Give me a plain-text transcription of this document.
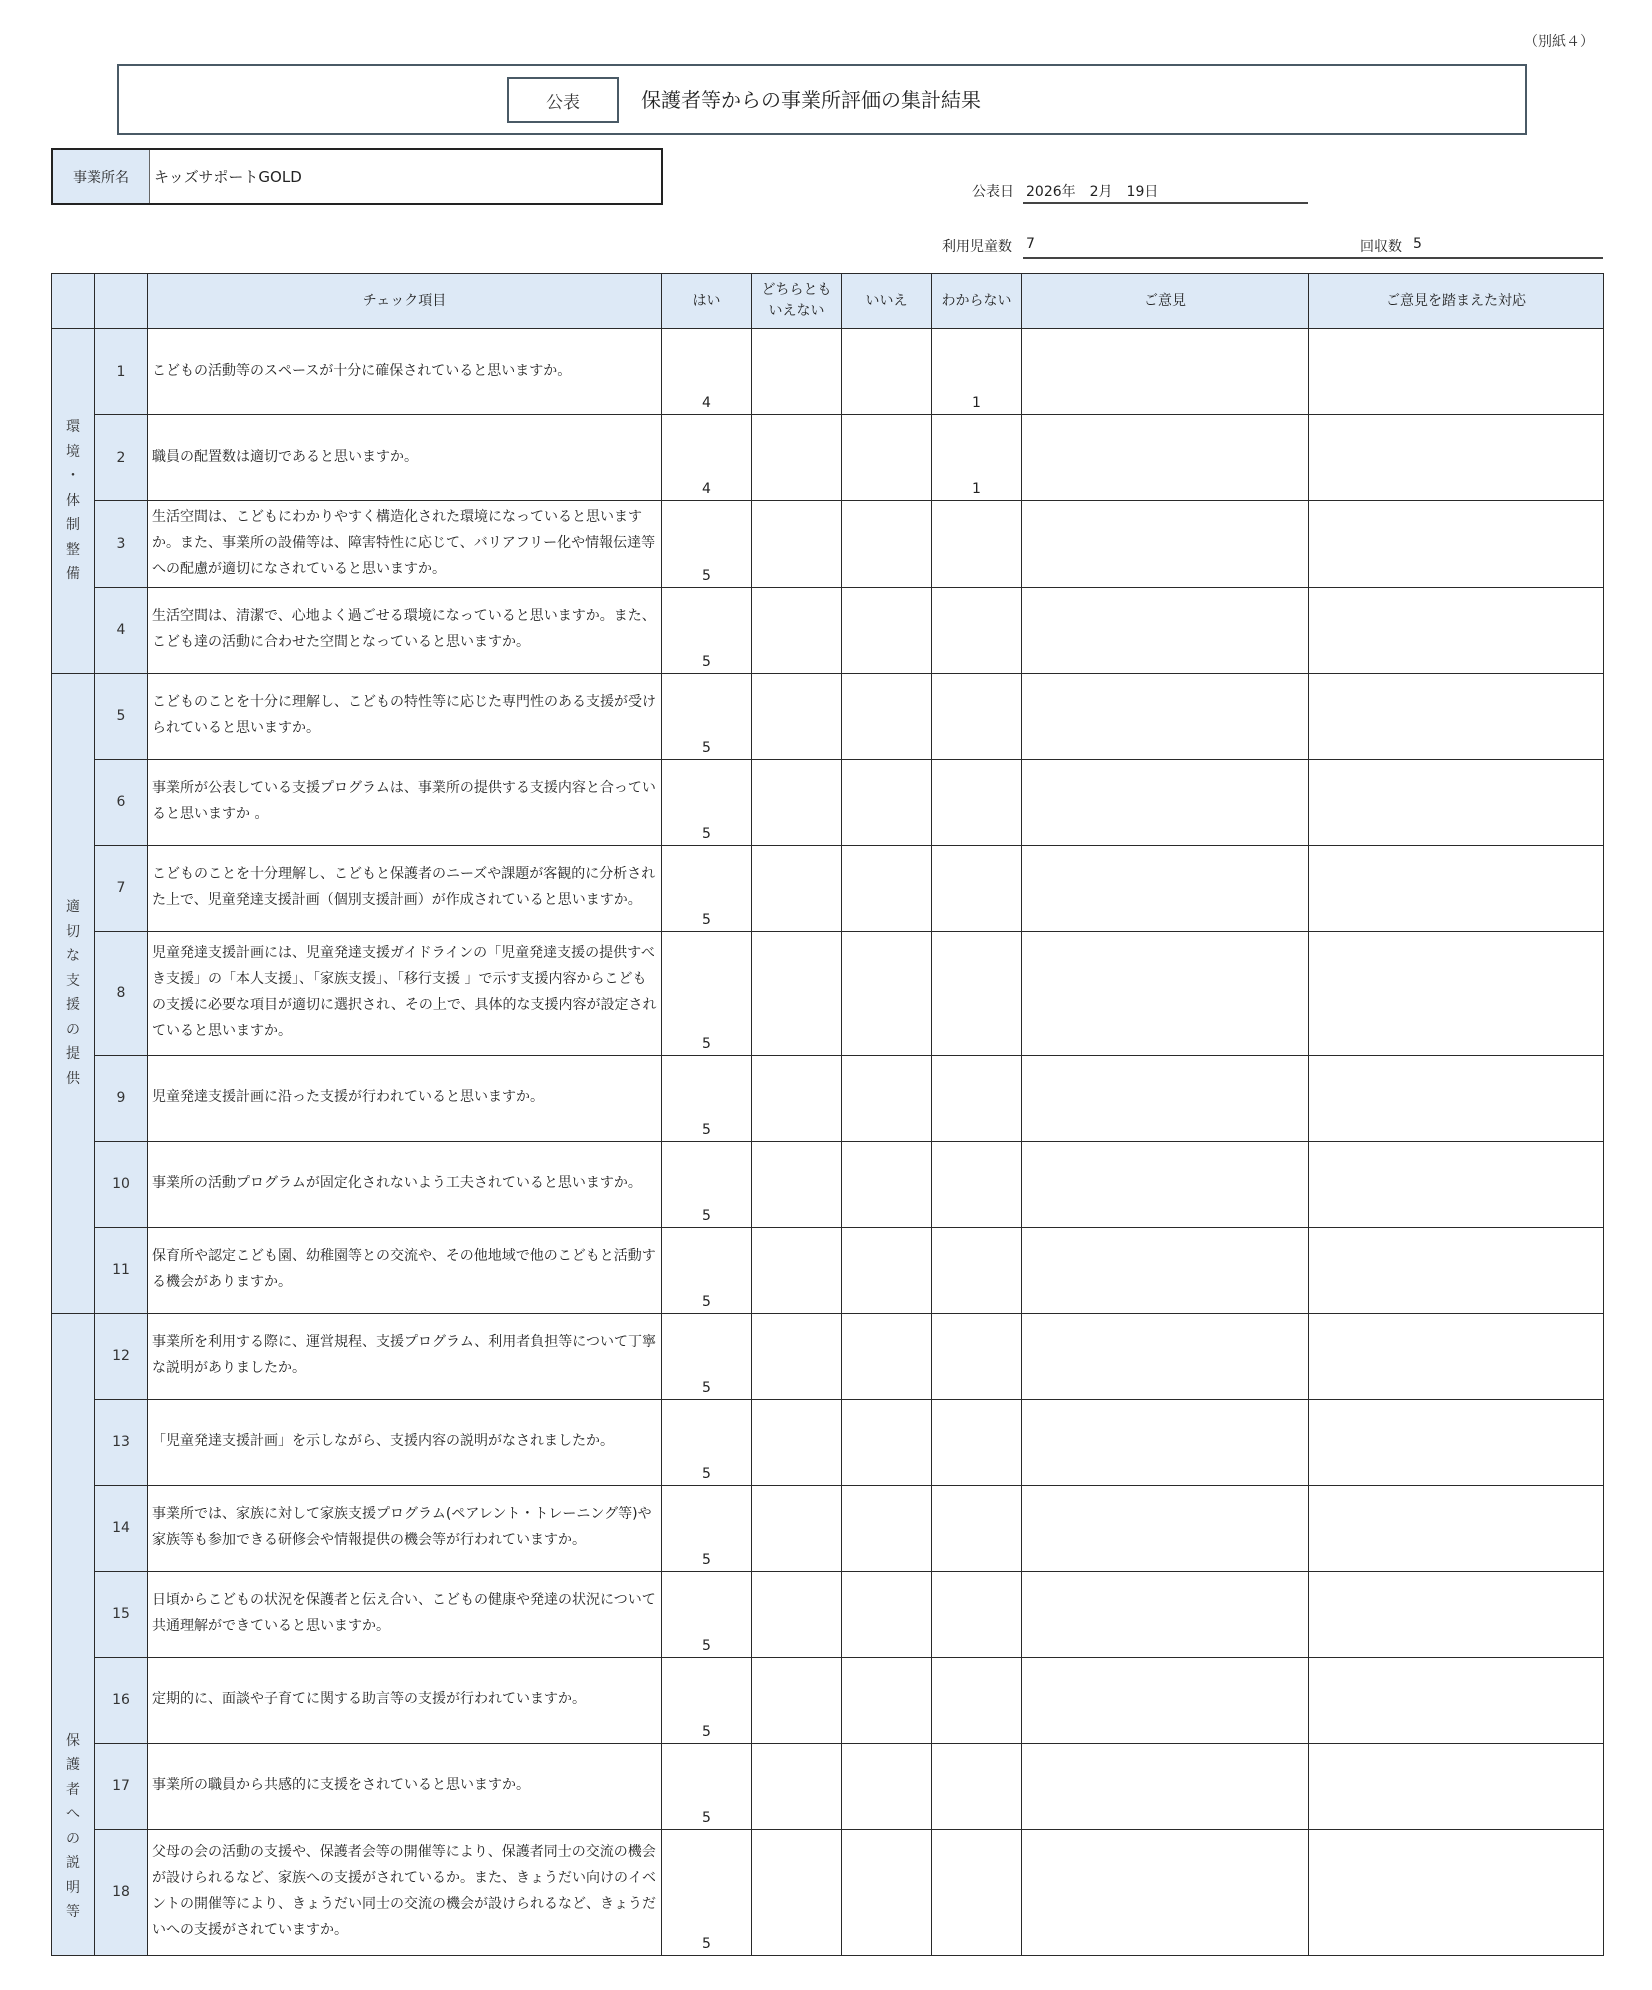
（別紙４）
公表	保護者等からの事業所評価の集計結果
事業所名	キッズサポートGOLD
公表日 2026年　2月　19日
利用児童数 7	回収数 5
		チェック項目	はい	どちらとも
いえない	いいえ	わからない	ご意見	ご意見を踏まえた対応

環
境
・
体
制
整
備
	1	こどもの活動等のスペースが十分に確保されていると思いますか。	4			1		
	2	職員の配置数は適切であると思いますか。	4			1		
	3	生活空間は、こどもにわかりやすく構造化された環境になっていると思いますか。また、事業所の設備等は、障害特性に応じて、バリアフリー化や情報伝達等への配慮が適切になされていると思いますか。	5					
	4	生活空間は、清潔で、心地よく過ごせる環境になっていると思いますか。また、こども達の活動に合わせた空間となっていると思いますか。	5					

適
切
な
支
援
の
提
供
	5	こどものことを十分に理解し、こどもの特性等に応じた専門性のある支援が受けられていると思いますか。	5					
	6	事業所が公表している支援プログラムは、事業所の提供する支援内容と合っていると思いますか 。	5					
	7	こどものことを十分理解し、こどもと保護者のニーズや課題が客観的に分析された上で、児童発達支援計画（個別支援計画）が作成されていると思いますか。	5					
	8	児童発達支援計画には、児童発達支援ガイドラインの「児童発達支援の提供すべき支援」の「本人支援」、「家族支援」、「移行支援 」で示す支援内容からこどもの支援に必要な項目が適切に選択され、その上で、具体的な支援内容が設定されていると思いますか。	5					
	9	児童発達支援計画に沿った支援が行われていると思いますか。	5					
	10	事業所の活動プログラムが固定化されないよう工夫されていると思いますか。	5					
	11	保育所や認定こども園、幼稚園等との交流や、その他地域で他のこどもと活動する機会がありますか。	5					

保
護
者
へ
の
説
明
等
	12	事業所を利用する際に、運営規程、支援プログラム、利用者負担等について丁寧な説明がありましたか。	5					
	13	「児童発達支援計画」を示しながら、支援内容の説明がなされましたか。	5					
	14	事業所では、家族に対して家族支援プログラム(ペアレント・トレーニング等)や家族等も参加できる研修会や情報提供の機会等が行われていますか。	5					
	15	日頃からこどもの状況を保護者と伝え合い、こどもの健康や発達の状況について共通理解ができていると思いますか。	5					
	16	定期的に、面談や子育てに関する助言等の支援が行われていますか。	5					
	17	事業所の職員から共感的に支援をされていると思いますか。	5					
	18	父母の会の活動の支援や、保護者会等の開催等により、保護者同士の交流の機会が設けられるなど、家族への支援がされているか。また、きょうだい向けのイベントの開催等により、きょうだい同士の交流の機会が設けられるなど、きょうだいへの支援がされていますか。	5					
